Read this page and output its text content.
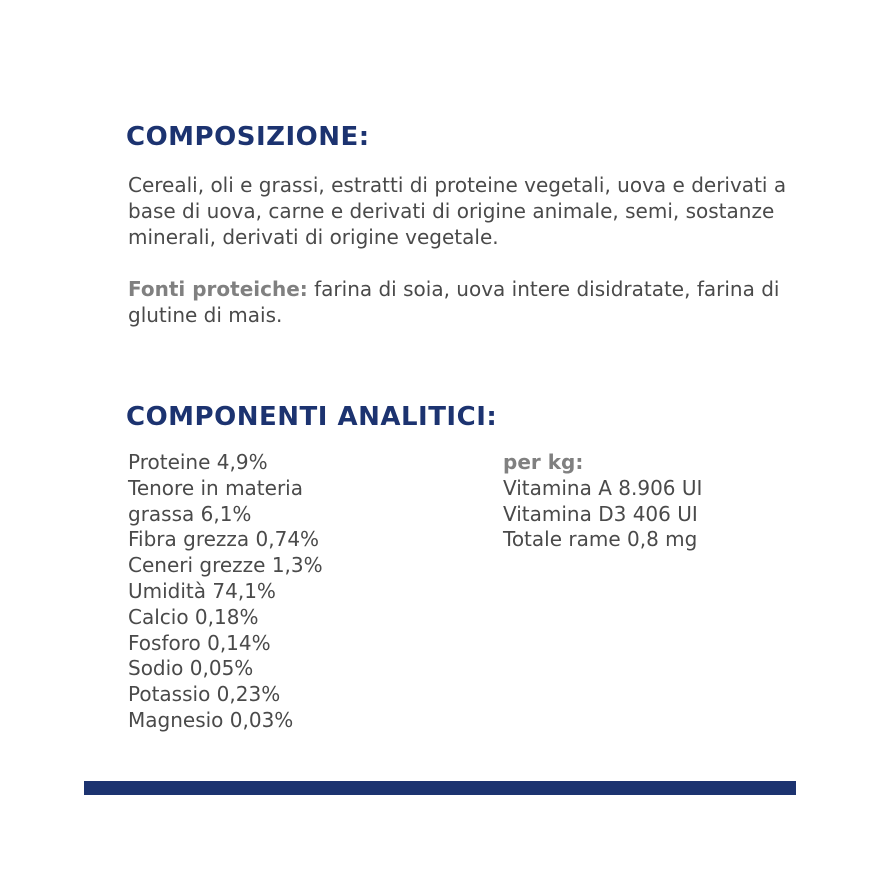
COMPOSIZIONE:
Cereali, oli e grassi, estratti di proteine vegetali, uova e derivati a base di uova, carne e derivati di origine animale, semi, sostanze minerali, derivati di origine vegetale.
Fonti proteiche: farina di soia, uova intere disidratate, farina di glutine di mais.
COMPONENTI ANALITICI:
Proteine 4,9%
Tenore in materia
grassa 6,1%
Fibra grezza 0,74%
Ceneri grezze 1,3%
Umidità 74,1%
Calcio 0,18%
Fosforo 0,14%
Sodio 0,05%
Potassio 0,23%
Magnesio 0,03%
per kg:
Vitamina A 8.906 UI
Vitamina D3 406 UI
Totale rame 0,8 mg
